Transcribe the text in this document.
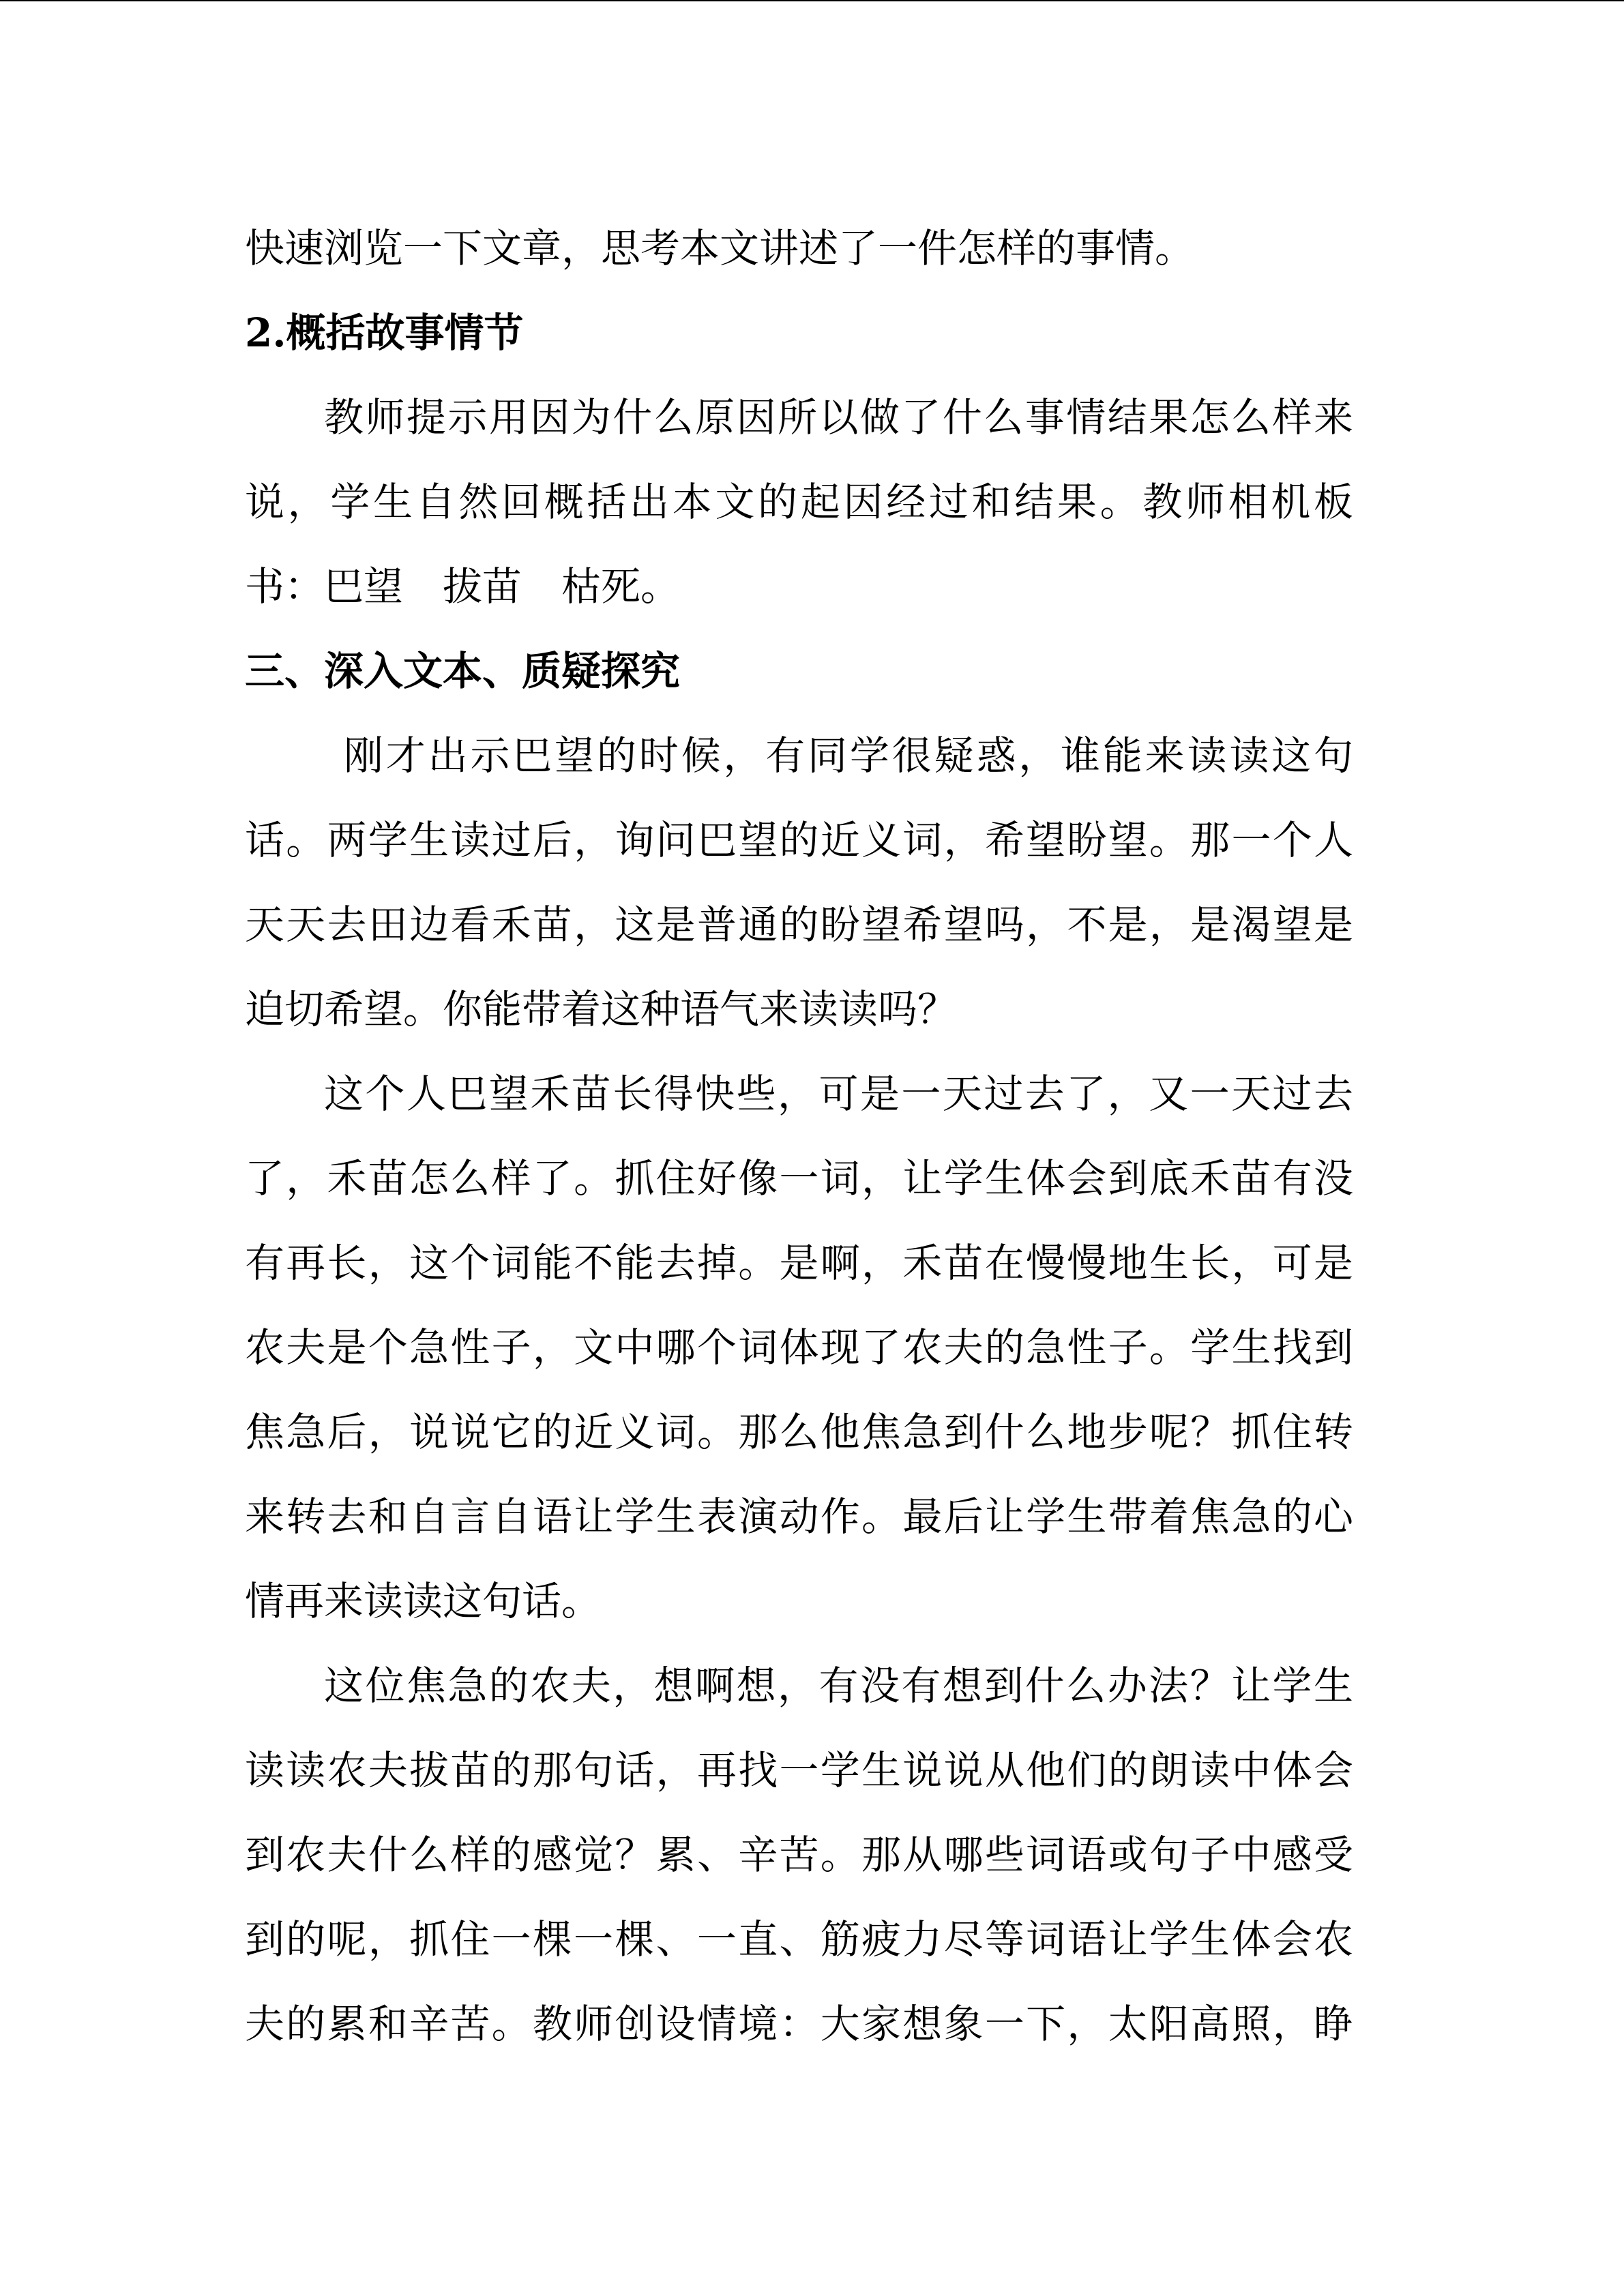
快速浏览一下文章，思考本文讲述了一件怎样的事情。
2.概括故事情节
教师提示用因为什么原因所以做了什么事情结果怎么样来
说，学生自然回概括出本文的起因经过和结果。教师相机板
书：巴望　拔苗　枯死。
三、深入文本、质疑探究
刚才出示巴望的时候，有同学很疑惑，谁能来读读这句
话。两学生读过后，询问巴望的近义词，希望盼望。那一个人
天天去田边看禾苗，这是普通的盼望希望吗，不是，是渴望是
迫切希望。你能带着这种语气来读读吗？
这个人巴望禾苗长得快些，可是一天过去了，又一天过去
了，禾苗怎么样了。抓住好像一词，让学生体会到底禾苗有没
有再长，这个词能不能去掉。是啊，禾苗在慢慢地生长，可是
农夫是个急性子，文中哪个词体现了农夫的急性子。学生找到
焦急后，说说它的近义词。那么他焦急到什么地步呢？抓住转
来转去和自言自语让学生表演动作。最后让学生带着焦急的心
情再来读读这句话。
这位焦急的农夫，想啊想，有没有想到什么办法？让学生
读读农夫拔苗的那句话，再找一学生说说从他们的朗读中体会
到农夫什么样的感觉？累、辛苦。那从哪些词语或句子中感受
到的呢，抓住一棵一棵、一直、筋疲力尽等词语让学生体会农
夫的累和辛苦。教师创设情境：大家想象一下，太阳高照，睁
